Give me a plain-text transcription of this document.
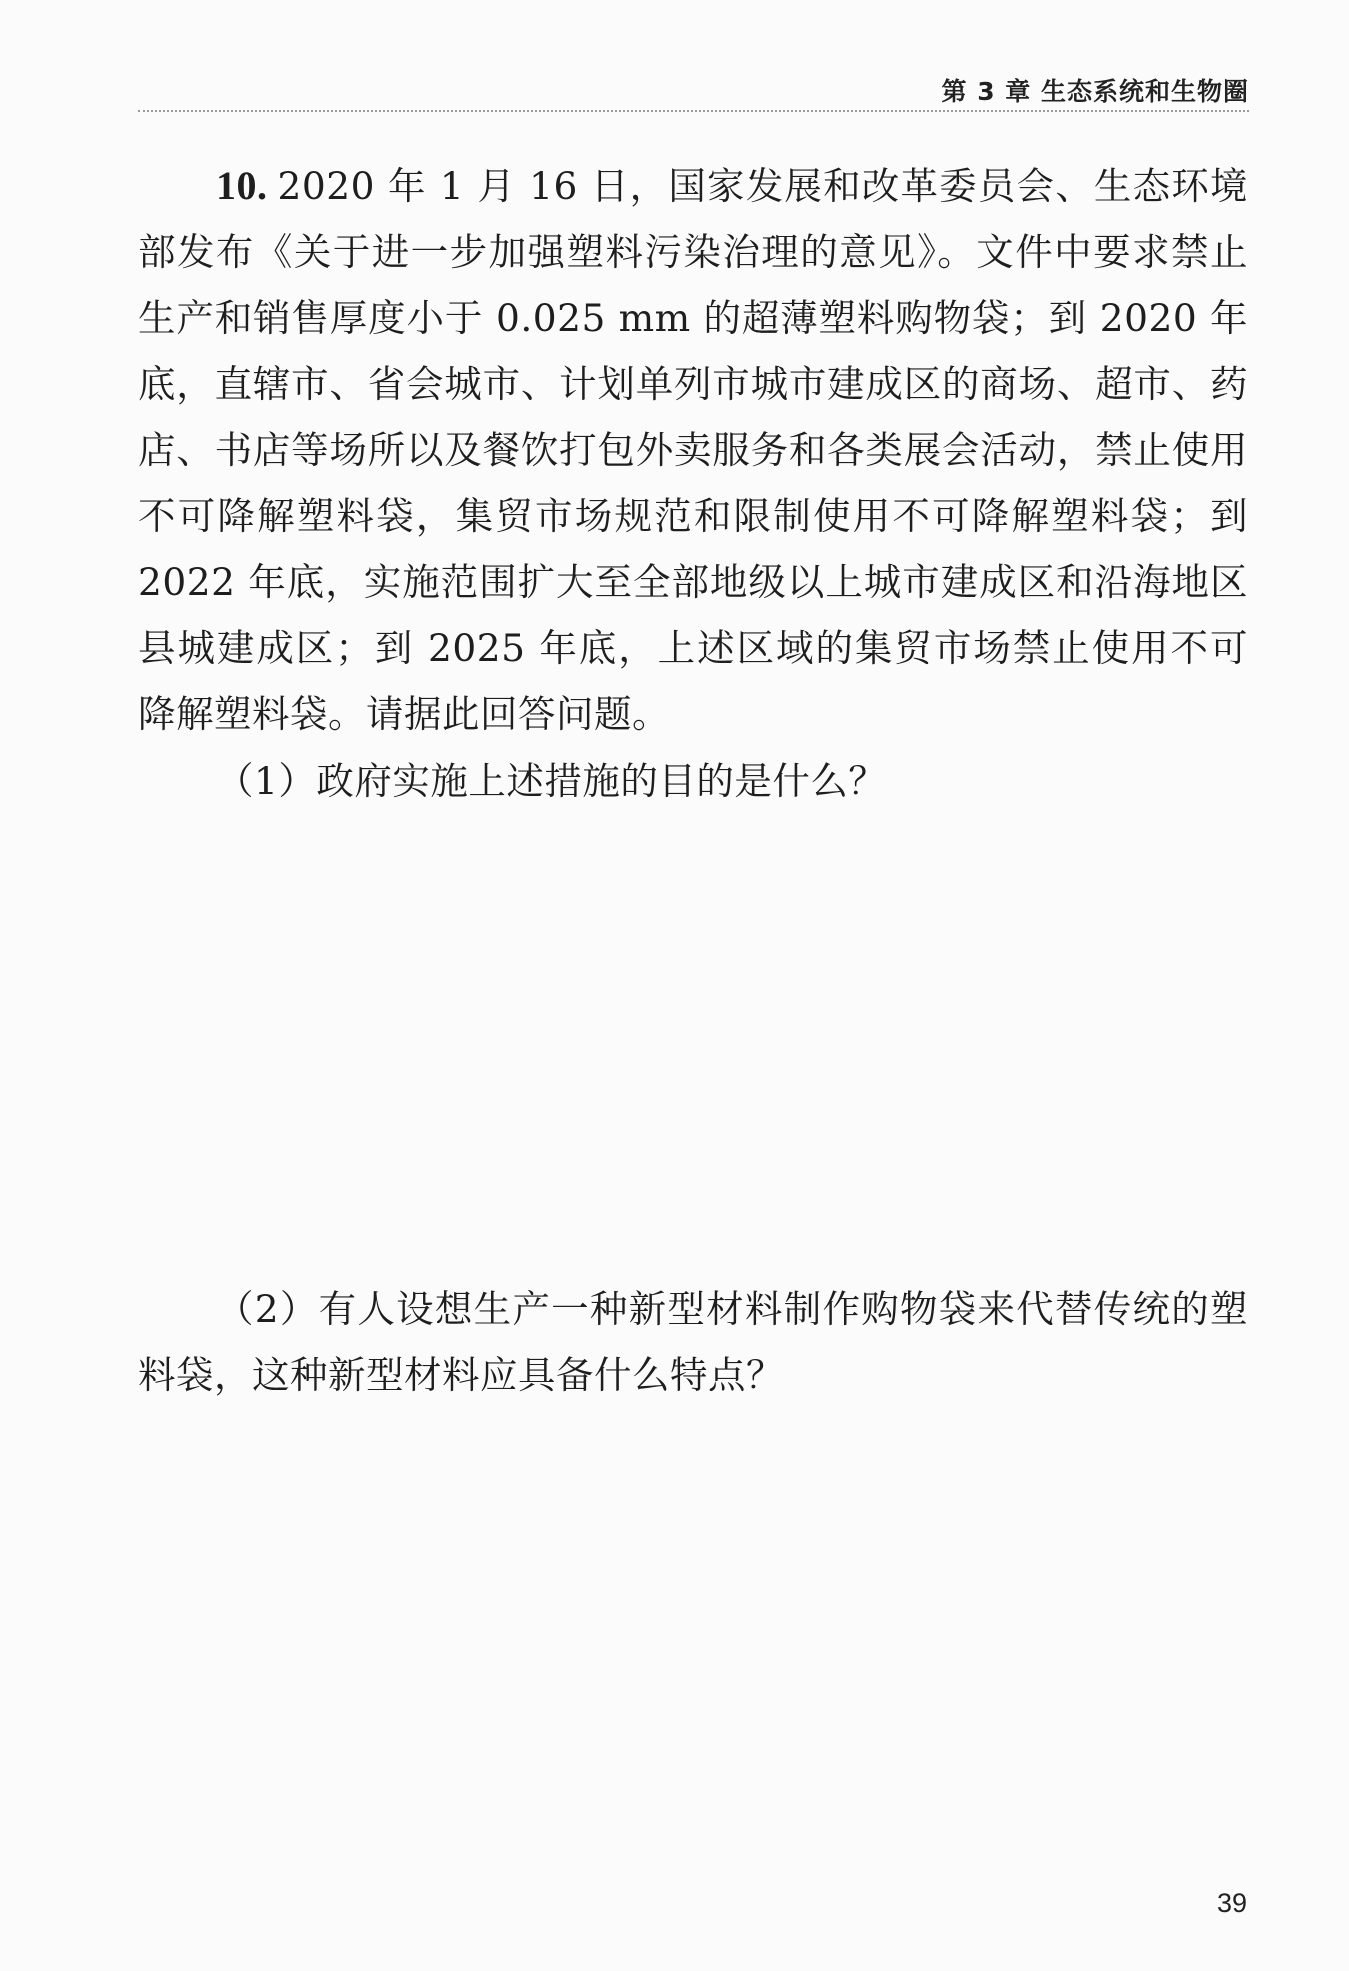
第 3 章 生态系统和生物圈

10. 2020 年 1 月 16 日，国家发展和改革委员会、生态环境部发布《关于进一步加强塑料污染治理的意见》。文件中要求禁止生产和销售厚度小于 0.025 mm 的超薄塑料购物袋；到 2020 年底，直辖市、省会城市、计划单列市城市建成区的商场、超市、药店、书店等场所以及餐饮打包外卖服务和各类展会活动，禁止使用不可降解塑料袋，集贸市场规范和限制使用不可降解塑料袋；到 2022 年底，实施范围扩大至全部地级以上城市建成区和沿海地区县城建成区；到 2025 年底，上述区域的集贸市场禁止使用不可降解塑料袋。请据此回答问题。

（1）政府实施上述措施的目的是什么？

（2）有人设想生产一种新型材料制作购物袋来代替传统的塑料袋，这种新型材料应具备什么特点？

39
